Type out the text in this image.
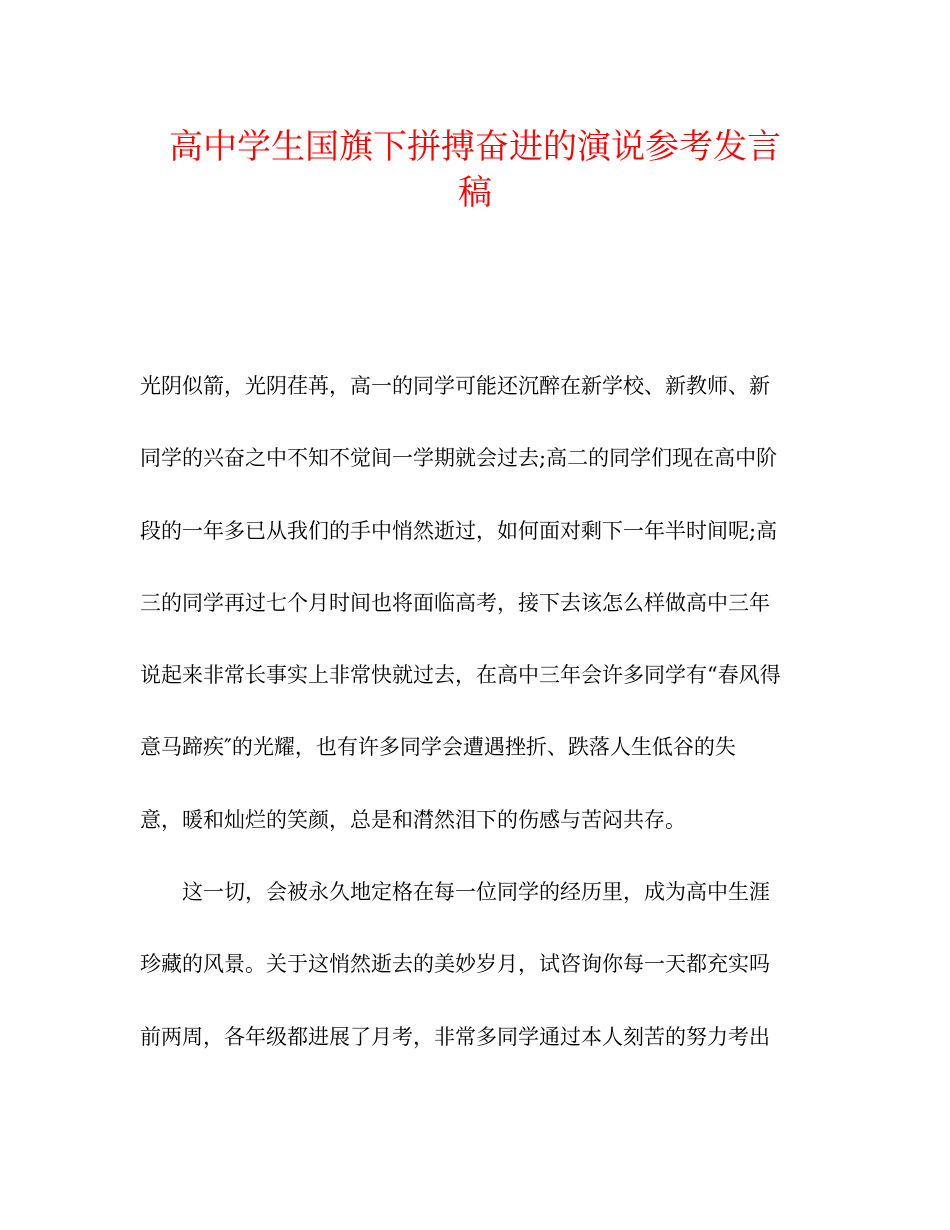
高中学生国旗下拼搏奋进的演说参考发言
稿
光阴似箭，光阴荏苒，高一的同学可能还沉醉在新学校、新教师、新
同学的兴奋之中不知不觉间一学期就会过去;高二的同学们现在高中阶
段的一年多已从我们的手中悄然逝过，如何面对剩下一年半时间呢;高
三的同学再过七个月时间也将面临高考，接下去该怎么样做高中三年
说起来非常长事实上非常快就过去，在高中三年会许多同学有“春风得
意马蹄疾″的光耀，也有许多同学会遭遇挫折、跌落人生低谷的失
意，暖和灿烂的笑颜，总是和潸然泪下的伤感与苦闷共存。
这一切，会被永久地定格在每一位同学的经历里，成为高中生涯
珍藏的风景。关于这悄然逝去的美妙岁月，试咨询你每一天都充实吗
前两周，各年级都进展了月考，非常多同学通过本人刻苦的努力考出
